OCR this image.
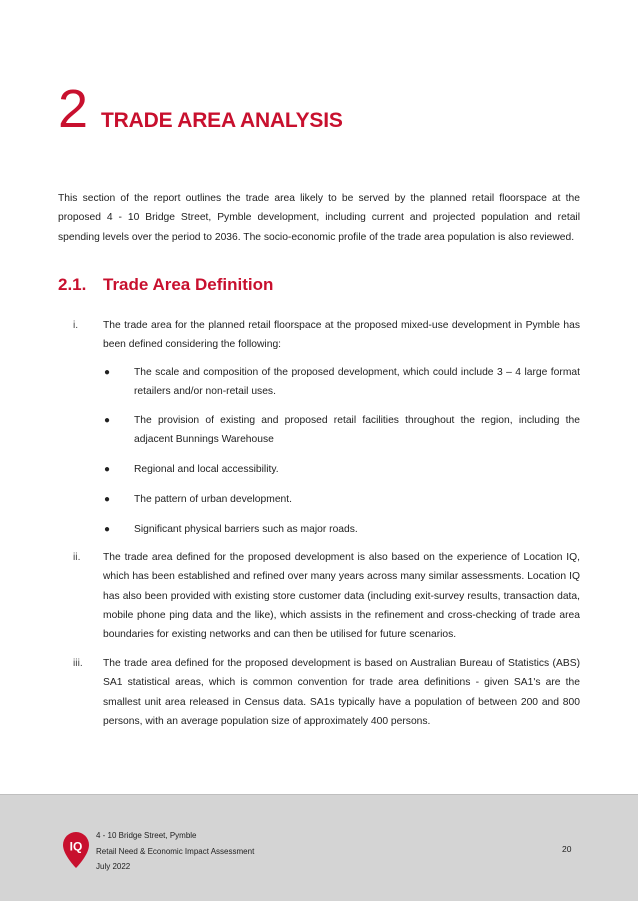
2 TRADE AREA ANALYSIS

This section of the report outlines the trade area likely to be served by the planned retail floorspace at the proposed 4 - 10 Bridge Street, Pymble development, including current and projected population and retail spending levels over the period to 2036. The socio-economic profile of the trade area population is also reviewed.

2.1. Trade Area Definition
i. The trade area for the planned retail floorspace at the proposed mixed-use development in Pymble has been defined considering the following:
● The scale and composition of the proposed development, which could include 3 – 4 large format retailers and/or non-retail uses.
● The provision of existing and proposed retail facilities throughout the region, including the adjacent Bunnings Warehouse
● Regional and local accessibility.
● The pattern of urban development.
● Significant physical barriers such as major roads.
ii. The trade area defined for the proposed development is also based on the experience of Location IQ, which has been established and refined over many years across many similar assessments. Location IQ has also been provided with existing store customer data (including exit-survey results, transaction data, mobile phone ping data and the like), which assists in the refinement and cross-checking of trade area boundaries for existing networks and can then be utilised for future scenarios.
iii. The trade area defined for the proposed development is based on Australian Bureau of Statistics (ABS) SA1 statistical areas, which is common convention for trade area definitions - given SA1's are the smallest unit area released in Census data. SA1s typically have a population of between 200 and 800 persons, with an average population size of approximately 400 persons.
IQ
4 - 10 Bridge Street, Pymble
Retail Need & Economic Impact Assessment
July 2022
20
